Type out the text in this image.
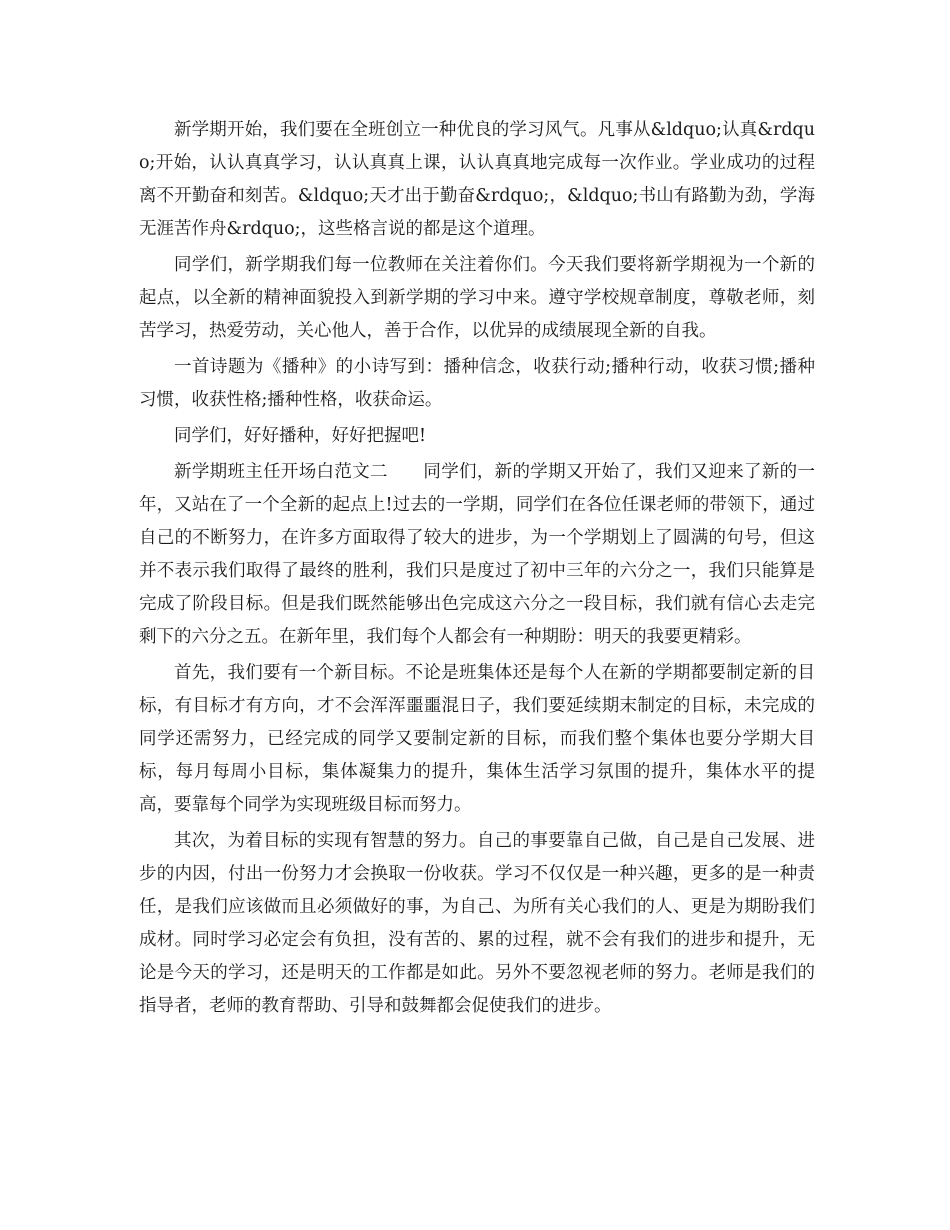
新学期开始，我们要在全班创立一种优良的学习风气。凡事从&ldquo;认真&rdquo;开始，认认真真学习，认认真真上课，认认真真地完成每一次作业。学业成功的过程离不开勤奋和刻苦。&ldquo;天才出于勤奋&rdquo;，&ldquo;书山有路勤为劲，学海无涯苦作舟&rdquo;，这些格言说的都是这个道理。

同学们，新学期我们每一位教师在关注着你们。今天我们要将新学期视为一个新的起点，以全新的精神面貌投入到新学期的学习中来。遵守学校规章制度，尊敬老师，刻苦学习，热爱劳动，关心他人，善于合作，以优异的成绩展现全新的自我。

一首诗题为《播种》的小诗写到：播种信念，收获行动;播种行动，收获习惯;播种习惯，收获性格;播种性格，收获命运。

同学们，好好播种，好好把握吧!

新学期班主任开场白范文二　　同学们，新的学期又开始了，我们又迎来了新的一年，又站在了一个全新的起点上!过去的一学期，同学们在各位任课老师的带领下，通过自己的不断努力，在许多方面取得了较大的进步，为一个学期划上了圆满的句号，但这并不表示我们取得了最终的胜利，我们只是度过了初中三年的六分之一，我们只能算是完成了阶段目标。但是我们既然能够出色完成这六分之一段目标，我们就有信心去走完剩下的六分之五。在新年里，我们每个人都会有一种期盼：明天的我要更精彩。

首先，我们要有一个新目标。不论是班集体还是每个人在新的学期都要制定新的目标，有目标才有方向，才不会浑浑噩噩混日子，我们要延续期末制定的目标，未完成的同学还需努力，已经完成的同学又要制定新的目标，而我们整个集体也要分学期大目标，每月每周小目标，集体凝集力的提升，集体生活学习氛围的提升，集体水平的提高，要靠每个同学为实现班级目标而努力。

其次，为着目标的实现有智慧的努力。自己的事要靠自己做，自己是自己发展、进步的内因，付出一份努力才会换取一份收获。学习不仅仅是一种兴趣，更多的是一种责任，是我们应该做而且必须做好的事，为自己、为所有关心我们的人、更是为期盼我们成材。同时学习必定会有负担，没有苦的、累的过程，就不会有我们的进步和提升，无论是今天的学习，还是明天的工作都是如此。另外不要忽视老师的努力。老师是我们的指导者，老师的教育帮助、引导和鼓舞都会促使我们的进步。
